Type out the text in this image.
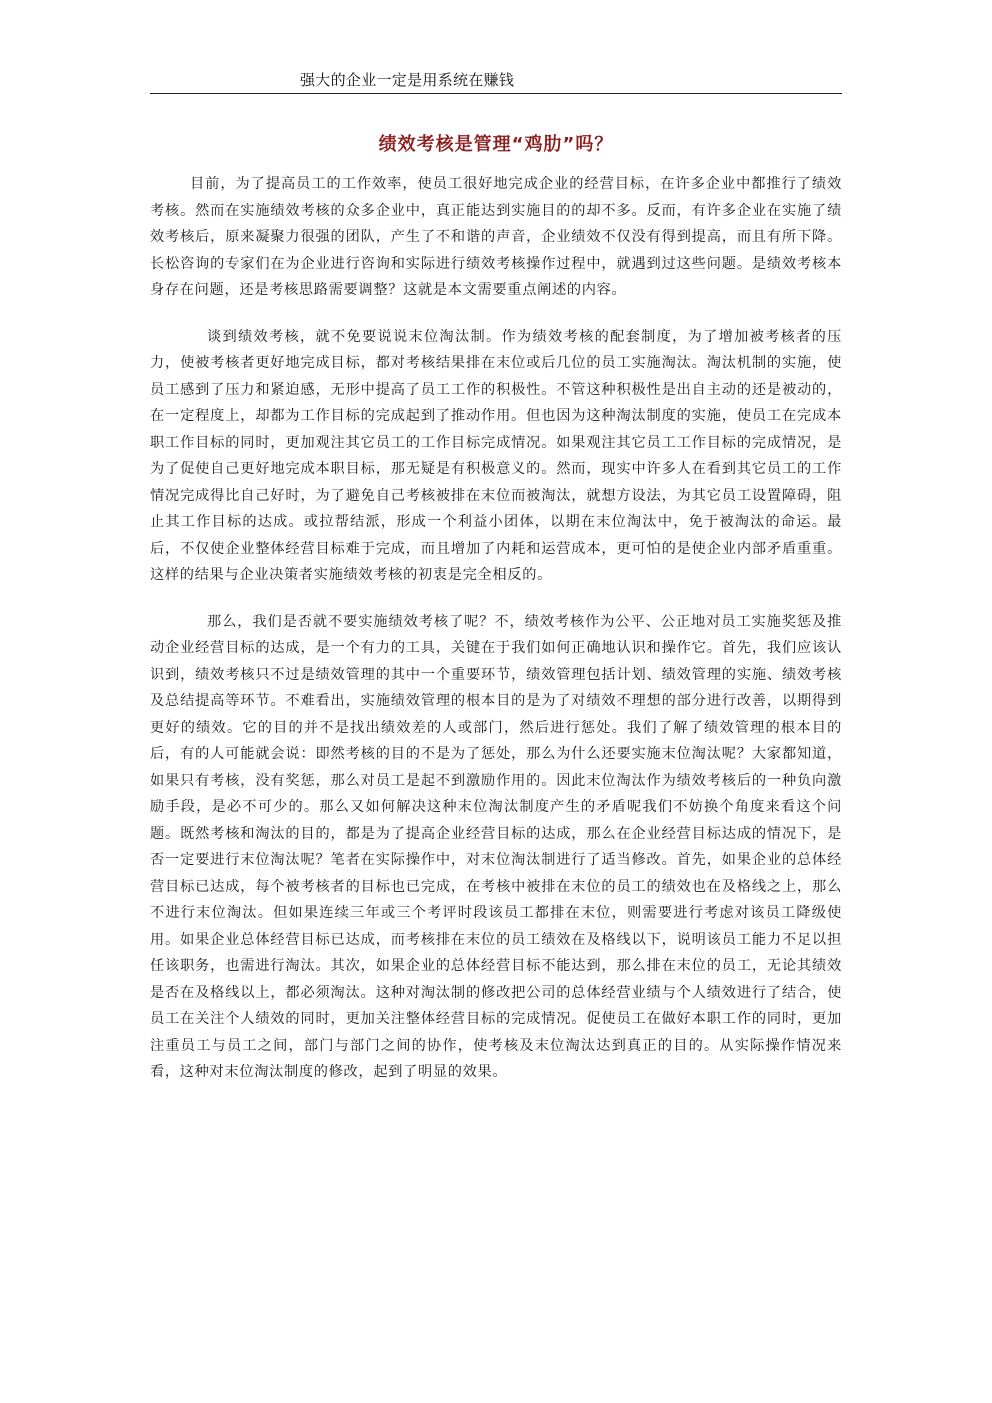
强大的企业一定是用系统在赚钱
绩效考核是管理“鸡肋”吗？

目前，为了提高员工的工作效率，使员工很好地完成企业的经营目标，在许多企业中都推行了绩效考核。然而在实施绩效考核的众多企业中，真正能达到实施目的的却不多。反而，有许多企业在实施了绩效考核后，原来凝聚力很强的团队，产生了不和谐的声音，企业绩效不仅没有得到提高，而且有所下降。长松咨询的专家们在为企业进行咨询和实际进行绩效考核操作过程中，就遇到过这些问题。是绩效考核本身存在问题，还是考核思路需要调整？这就是本文需要重点阐述的内容。

谈到绩效考核，就不免要说说末位淘汰制。作为绩效考核的配套制度，为了增加被考核者的压力，使被考核者更好地完成目标，都对考核结果排在末位或后几位的员工实施淘汰。淘汰机制的实施，使员工感到了压力和紧迫感，无形中提高了员工工作的积极性。不管这种积极性是出自主动的还是被动的，在一定程度上，却都为工作目标的完成起到了推动作用。但也因为这种淘汰制度的实施，使员工在完成本职工作目标的同时，更加观注其它员工的工作目标完成情况。如果观注其它员工工作目标的完成情况，是为了促使自己更好地完成本职目标，那无疑是有积极意义的。然而，现实中许多人在看到其它员工的工作情况完成得比自己好时，为了避免自己考核被排在末位而被淘汰，就想方设法，为其它员工设置障碍，阻止其工作目标的达成。或拉帮结派，形成一个利益小团体，以期在末位淘汰中，免于被淘汰的命运。最后，不仅使企业整体经营目标难于完成，而且增加了内耗和运营成本，更可怕的是使企业内部矛盾重重。这样的结果与企业决策者实施绩效考核的初衷是完全相反的。

那么，我们是否就不要实施绩效考核了呢？不，绩效考核作为公平、公正地对员工实施奖惩及推动企业经营目标的达成，是一个有力的工具，关键在于我们如何正确地认识和操作它。首先，我们应该认识到，绩效考核只不过是绩效管理的其中一个重要环节，绩效管理包括计划、绩效管理的实施、绩效考核及总结提高等环节。不难看出，实施绩效管理的根本目的是为了对绩效不理想的部分进行改善，以期得到更好的绩效。它的目的并不是找出绩效差的人或部门，然后进行惩处。我们了解了绩效管理的根本目的后，有的人可能就会说：即然考核的目的不是为了惩处，那么为什么还要实施末位淘汰呢？大家都知道，如果只有考核，没有奖惩，那么对员工是起不到激励作用的。因此末位淘汰作为绩效考核后的一种负向激励手段，是必不可少的。那么又如何解决这种末位淘汰制度产生的矛盾呢我们不妨换个角度来看这个问题。既然考核和淘汰的目的，都是为了提高企业经营目标的达成，那么在企业经营目标达成的情况下，是否一定要进行末位淘汰呢？笔者在实际操作中，对末位淘汰制进行了适当修改。首先，如果企业的总体经营目标已达成，每个被考核者的目标也已完成，在考核中被排在末位的员工的绩效也在及格线之上，那么不进行末位淘汰。但如果连续三年或三个考评时段该员工都排在末位，则需要进行考虑对该员工降级使用。如果企业总体经营目标已达成，而考核排在末位的员工绩效在及格线以下，说明该员工能力不足以担任该职务，也需进行淘汰。其次，如果企业的总体经营目标不能达到，那么排在末位的员工，无论其绩效是否在及格线以上，都必须淘汰。这种对淘汰制的修改把公司的总体经营业绩与个人绩效进行了结合，使员工在关注个人绩效的同时，更加关注整体经营目标的完成情况。促使员工在做好本职工作的同时，更加注重员工与员工之间，部门与部门之间的协作，使考核及末位淘汰达到真正的目的。从实际操作情况来看，这种对末位淘汰制度的修改，起到了明显的效果。
